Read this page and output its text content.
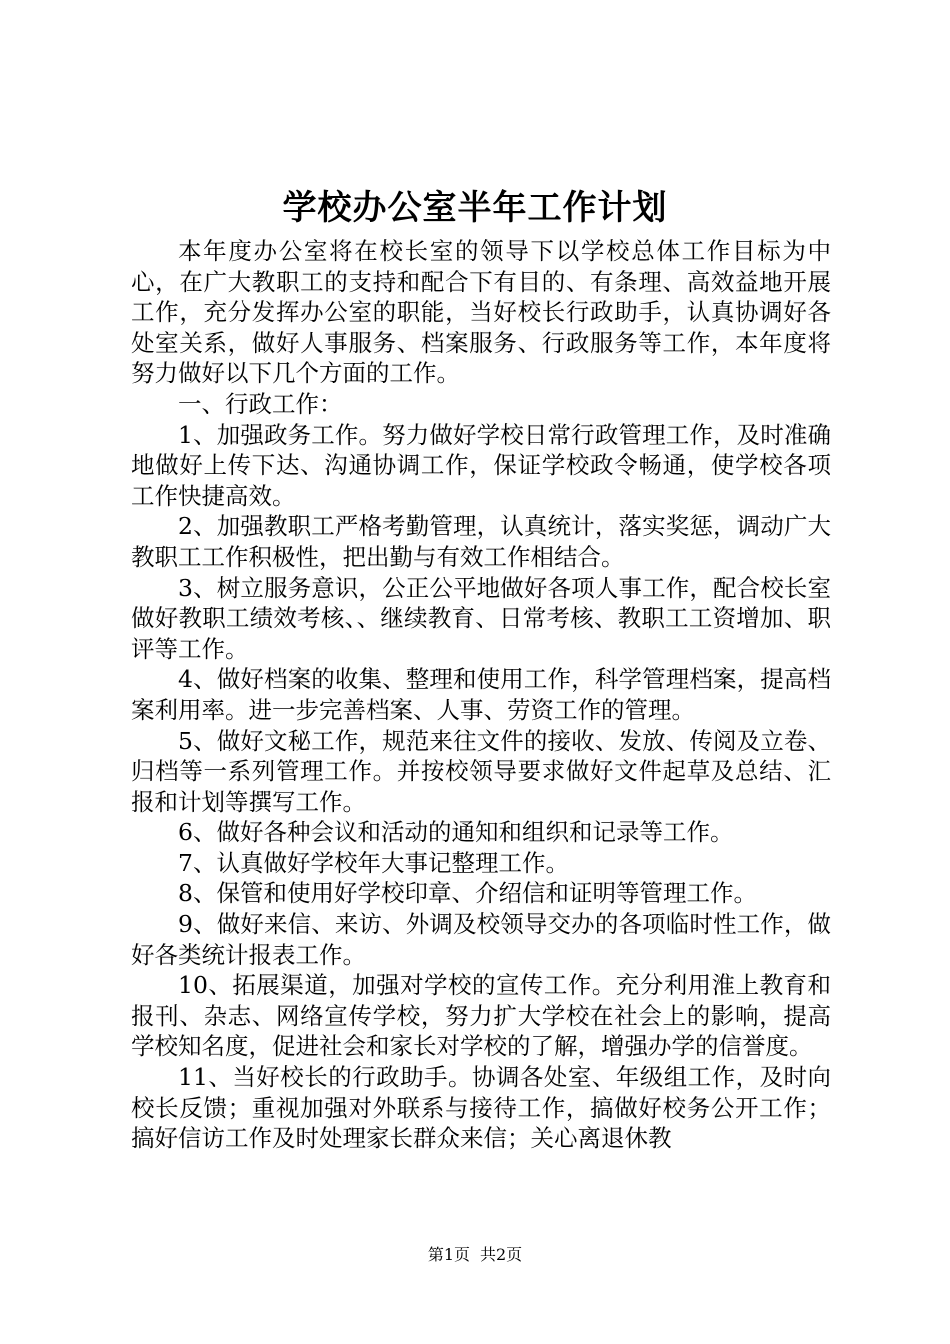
学校办公室半年工作计划

本年度办公室将在校长室的领导下以学校总体工作目标为中心，在广大教职工的支持和配合下有目的、有条理、高效益地开展工作，充分发挥办公室的职能，当好校长行政助手，认真协调好各处室关系，做好人事服务、档案服务、行政服务等工作，本年度将努力做好以下几个方面的工作。

一、行政工作：

1、加强政务工作。努力做好学校日常行政管理工作，及时准确地做好上传下达、沟通协调工作，保证学校政令畅通，使学校各项工作快捷高效。

2、加强教职工严格考勤管理，认真统计，落实奖惩，调动广大教职工工作积极性，把出勤与有效工作相结合。

3、树立服务意识，公正公平地做好各项人事工作，配合校长室做好教职工绩效考核、、继续教育、日常考核、教职工工资增加、职评等工作。

4、做好档案的收集、整理和使用工作，科学管理档案，提高档案利用率。进一步完善档案、人事、劳资工作的管理。

5、做好文秘工作，规范来往文件的接收、发放、传阅及立卷、归档等一系列管理工作。并按校领导要求做好文件起草及总结、汇报和计划等撰写工作。

6、做好各种会议和活动的通知和组织和记录等工作。

7、认真做好学校年大事记整理工作。

8、保管和使用好学校印章、介绍信和证明等管理工作。

9、做好来信、来访、外调及校领导交办的各项临时性工作，做好各类统计报表工作。

10、拓展渠道，加强对学校的宣传工作。充分利用淮上教育和报刊、杂志、网络宣传学校，努力扩大学校在社会上的影响，提高学校知名度，促进社会和家长对学校的了解，增强办学的信誉度。

11、当好校长的行政助手。协调各处室、年级组工作，及时向校长反馈；重视加强对外联系与接待工作，搞做好校务公开工作；搞好信访工作及时处理家长群众来信；关心离退休教

第1页 共2页
